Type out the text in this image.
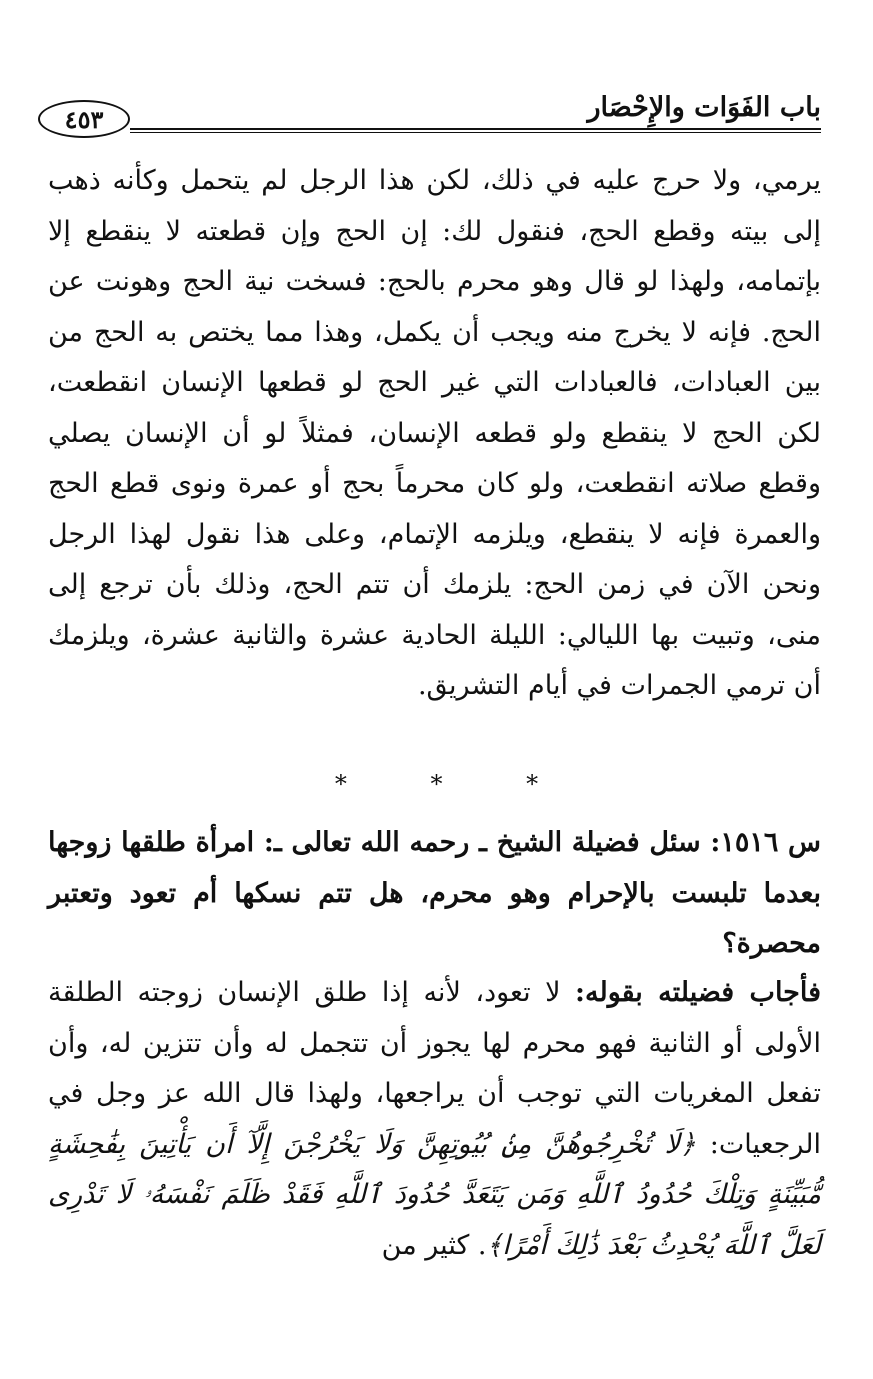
باب الفَوَات والإِحْصَار
٤٥٣

يرمي، ولا حرج عليه في ذلك، لكن هذا الرجل لم يتحمل وكأنه ذهب إلى بيته وقطع الحج، فنقول لك: إن الحج وإن قطعته لا ينقطع إلا بإتمامه، ولهذا لو قال وهو محرم بالحج: فسخت نية الحج وهونت عن الحج. فإنه لا يخرج منه ويجب أن يكمل، وهذا مما يختص به الحج من بين العبادات، فالعبادات التي غير الحج لو قطعها الإنسان انقطعت، لكن الحج لا ينقطع ولو قطعه الإنسان، فمثلاً لو أن الإنسان يصلي وقطع صلاته انقطعت، ولو كان محرماً بحج أو عمرة ونوى قطع الحج والعمرة فإنه لا ينقطع، ويلزمه الإتمام، وعلى هذا نقول لهذا الرجل ونحن الآن في زمن الحج: يلزمك أن تتم الحج، وذلك بأن ترجع إلى منى، وتبيت بها الليالي: الليلة الحادية عشرة والثانية عشرة، ويلزمك أن ترمي الجمرات في أيام التشريق.

* * *

س ١٥١٦: سئل فضيلة الشيخ ـ رحمه الله تعالى ـ: امرأة طلقها زوجها بعدما تلبست بالإحرام وهو محرم، هل تتم نسكها أم تعود وتعتبر محصرة؟

فأجاب فضيلته بقوله: لا تعود، لأنه إذا طلق الإنسان زوجته الطلقة الأولى أو الثانية فهو محرم لها يجوز أن تتجمل له وأن تتزين له، وأن تفعل المغريات التي توجب أن يراجعها، ولهذا قال الله عز وجل في الرجعيات: ﴿لَا تُخْرِجُوهُنَّ مِنۢ بُيُوتِهِنَّ وَلَا يَخْرُجْنَ إِلَّآ أَن يَأْتِينَ بِفَٰحِشَةٍ مُّبَيِّنَةٍ وَتِلْكَ حُدُودُ ٱللَّهِ وَمَن يَتَعَدَّ حُدُودَ ٱللَّهِ فَقَدْ ظَلَمَ نَفْسَهُۥ لَا تَدْرِى لَعَلَّ ٱللَّهَ يُحْدِثُ بَعْدَ ذَٰلِكَ أَمْرًا﴾. كثير من
